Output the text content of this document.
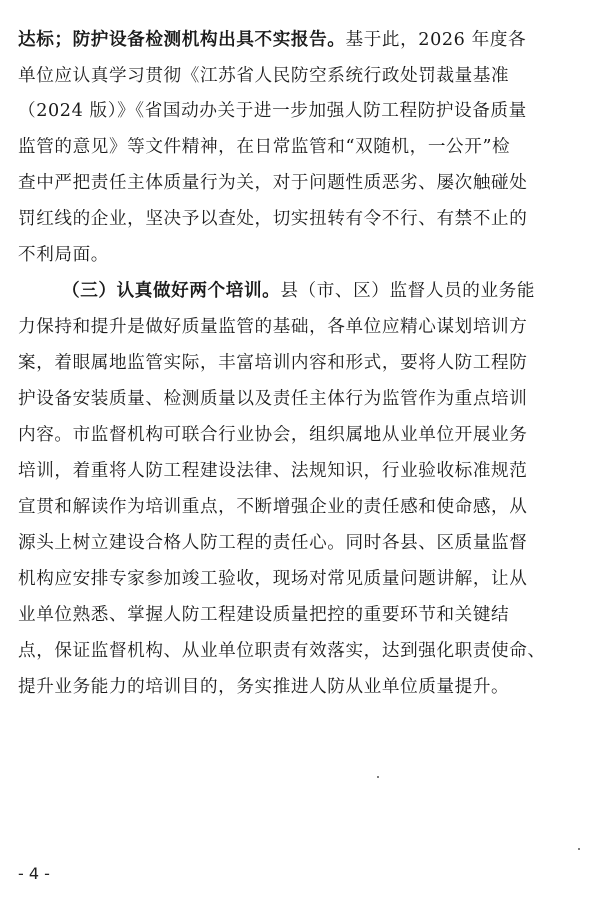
达标；防护设备检测机构出具不实报告。基于此，2026 年度各
单位应认真学习贯彻《江苏省人民防空系统行政处罚裁量基准
（2024 版）》《省国动办关于进一步加强人防工程防护设备质量
监管的意见》等文件精神，在日常监管和“双随机，一公开”检
查中严把责任主体质量行为关，对于问题性质恶劣、屡次触碰处
罚红线的企业，坚决予以查处，切实扭转有令不行、有禁不止的
不利局面。
（三）认真做好两个培训。县（市、区）监督人员的业务能
力保持和提升是做好质量监管的基础，各单位应精心谋划培训方
案，着眼属地监管实际，丰富培训内容和形式，要将人防工程防
护设备安装质量、检测质量以及责任主体行为监管作为重点培训
内容。市监督机构可联合行业协会，组织属地从业单位开展业务
培训，着重将人防工程建设法律、法规知识，行业验收标准规范
宣贯和解读作为培训重点，不断增强企业的责任感和使命感，从
源头上树立建设合格人防工程的责任心。同时各县、区质量监督
机构应安排专家参加竣工验收，现场对常见质量问题讲解，让从
业单位熟悉、掌握人防工程建设质量把控的重要环节和关键结
点，保证监督机构、从业单位职责有效落实，达到强化职责使命、
提升业务能力的培训目的，务实推进人防从业单位质量提升。
- 4 -
